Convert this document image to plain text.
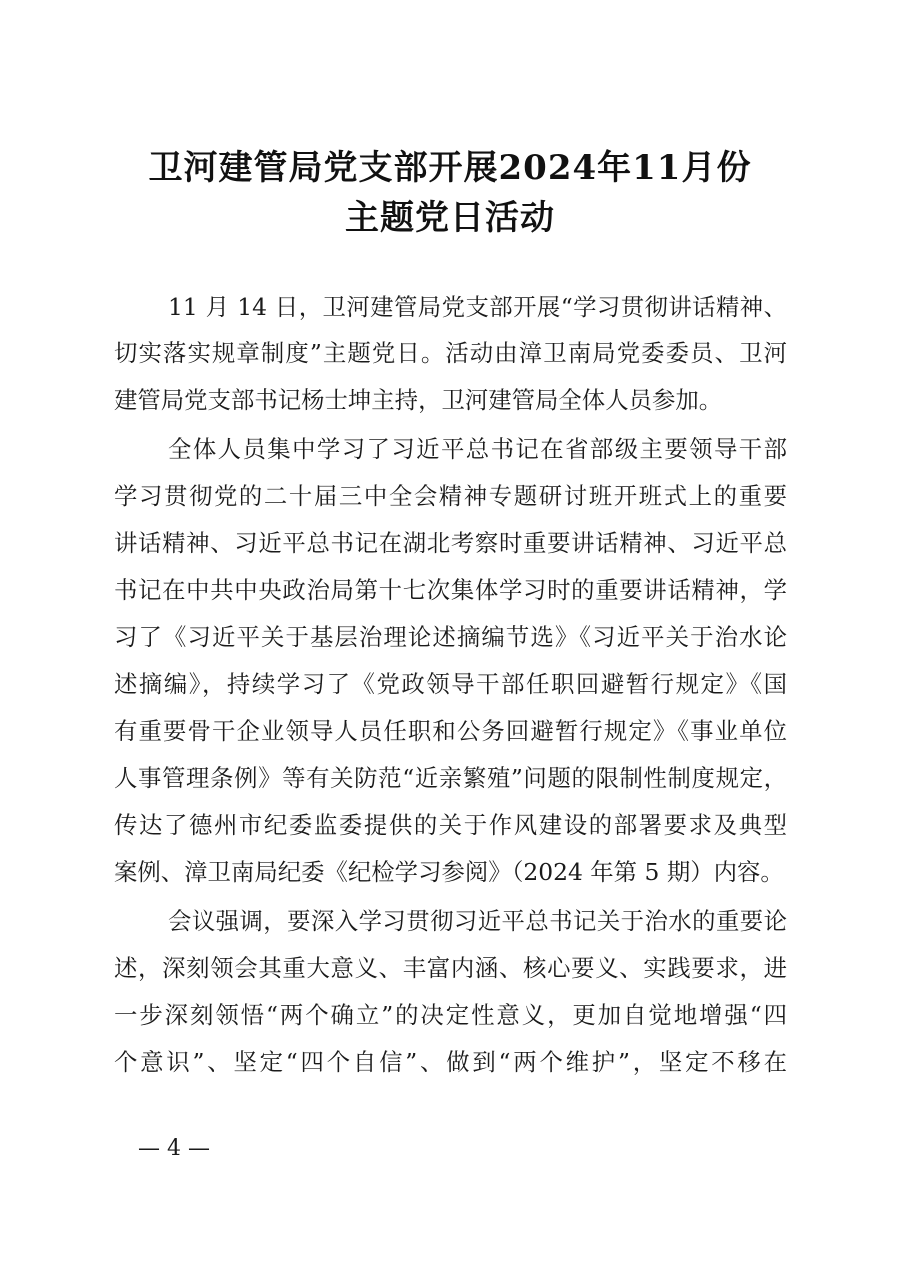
卫河建管局党支部开展2024年11月份
主题党日活动
11 月 14 日，卫河建管局党支部开展“学习贯彻讲话精神、
切实落实规章制度”主题党日。活动由漳卫南局党委委员、卫河
建管局党支部书记杨士坤主持，卫河建管局全体人员参加。
全体人员集中学习了习近平总书记在省部级主要领导干部
学习贯彻党的二十届三中全会精神专题研讨班开班式上的重要
讲话精神、习近平总书记在湖北考察时重要讲话精神、习近平总
书记在中共中央政治局第十七次集体学习时的重要讲话精神，学
习了《习近平关于基层治理论述摘编节选》《习近平关于治水论
述摘编》，持续学习了《党政领导干部任职回避暂行规定》《国
有重要骨干企业领导人员任职和公务回避暂行规定》《事业单位
人事管理条例》等有关防范“近亲繁殖”问题的限制性制度规定，
传达了德州市纪委监委提供的关于作风建设的部署要求及典型
案例、漳卫南局纪委《纪检学习参阅》（2024 年第 5 期）内容。
会议强调，要深入学习贯彻习近平总书记关于治水的重要论
述，深刻领会其重大意义、丰富内涵、核心要义、实践要求，进
一步深刻领悟“两个确立”的决定性意义，更加自觉地增强“四
个意识”、坚定“四个自信”、做到“两个维护”，坚定不移在
— 4 —
